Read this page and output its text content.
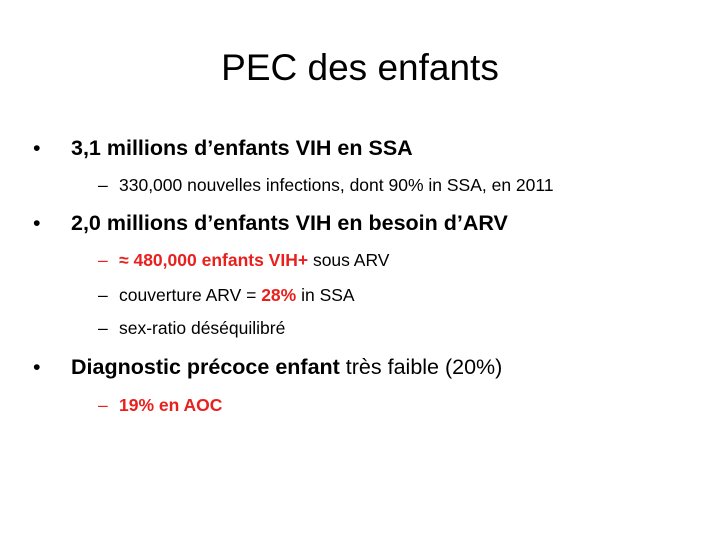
PEC des enfants
• 3,1 millions d’enfants VIH en SSA
– 330,000 nouvelles infections, dont 90% in SSA, en 2011
• 2,0 millions d’enfants VIH en besoin d’ARV
– ≈ 480,000 enfants VIH+ sous ARV
– couverture ARV = 28% in SSA
– sex-ratio déséquilibré
• Diagnostic précoce enfant très faible (20%)
– 19% en AOC
